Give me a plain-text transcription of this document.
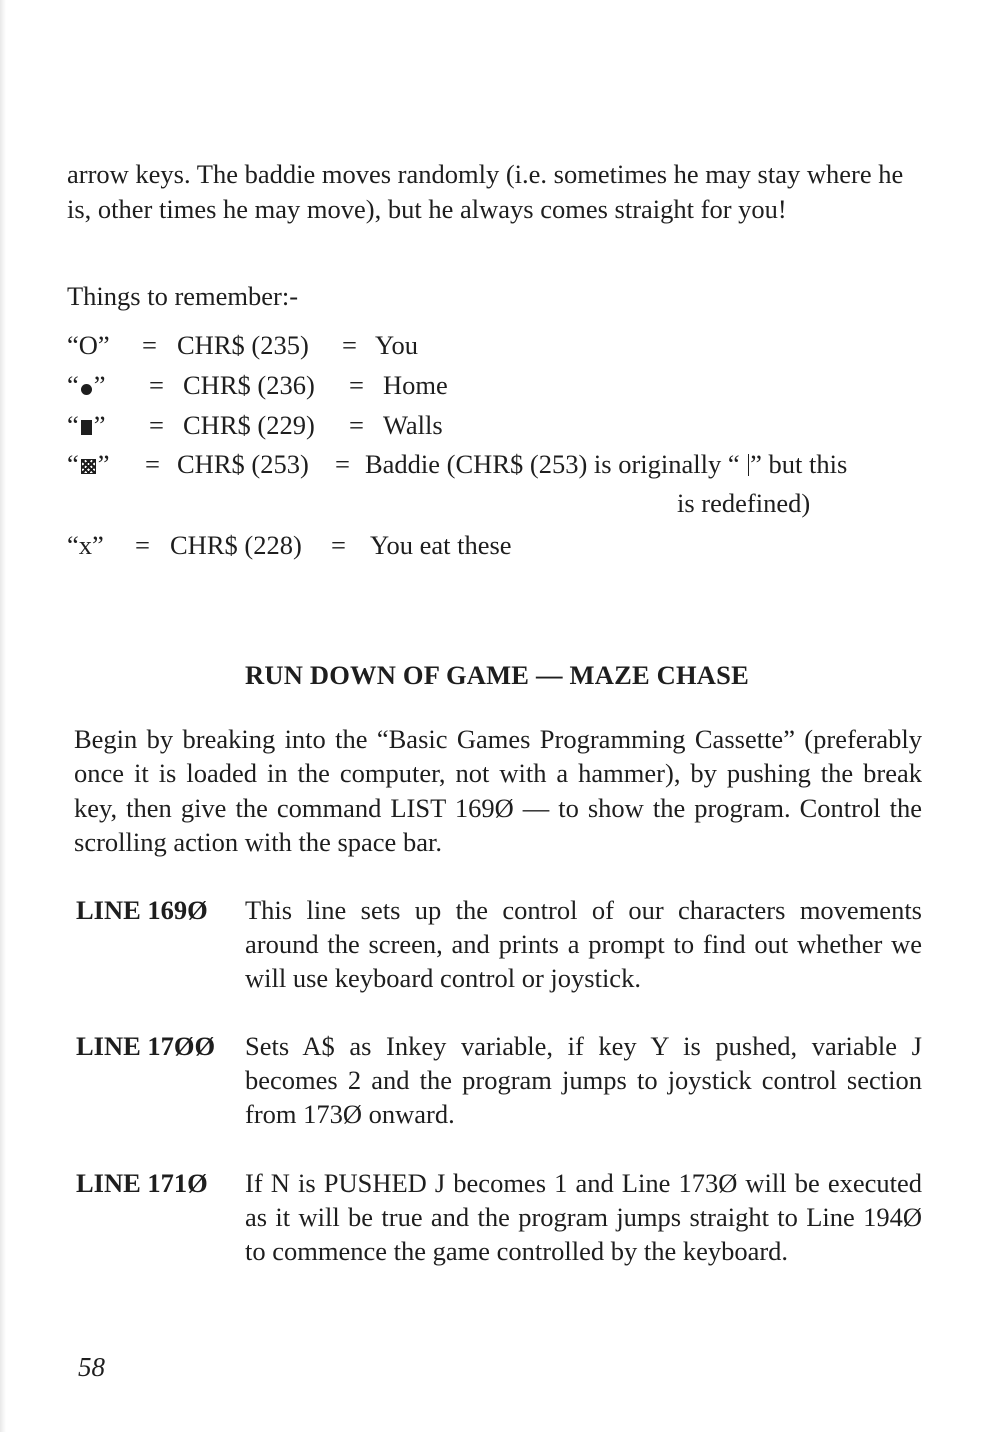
arrow keys. The baddie moves randomly (i.e. sometimes he may stay where he is, other times he may move), but he always comes straight for you!

Things to remember:-
“O” = CHR$ (235) = You
“ ” = CHR$ (236) = Home
“ ” = CHR$ (229) = Walls
“ ” = CHR$ (253) = Baddie (CHR$ (253) is originally “ ” but this
is redefined)
“x” = CHR$ (228) = You eat these
RUN DOWN OF GAME — MAZE CHASE

Begin by breaking into the “Basic Games Programming Cassette” (preferably once it is loaded in the computer, not with a hammer), by pushing the break key, then give the command LIST 169Ø — to show the program. Control the scrolling action with the space bar.

LINE 169Ø This line sets up the control of our characters movements around the screen, and prints a prompt to find out whether we will use keyboard control or joystick.
LINE 17ØØ Sets A$ as Inkey variable, if key Y is pushed, variable J becomes 2 and the program jumps to joystick control section from 173Ø onward.
LINE 171Ø If N is PUSHED J becomes 1 and Line 173Ø will be executed as it will be true and the program jumps straight to Line 194Ø to commence the game controlled by the keyboard.
58
